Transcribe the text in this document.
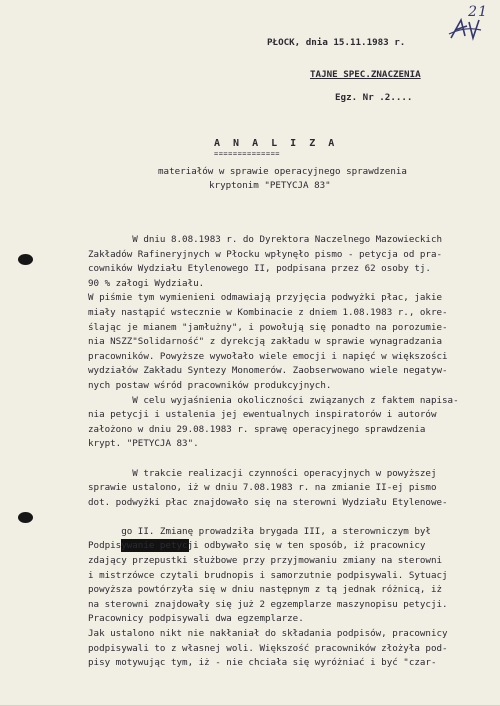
21
PŁOCK, dnia 15.11.1983 r.
TAJNE SPEC.ZNACZENIA
Egz. Nr .2....
A N A L I Z A
==============
materiałów w sprawie operacyjnego sprawdzenia
kryptonim "PETYCJA 83"
W dniu 8.08.1983 r. do Dyrektora Naczelnego Mazowieckich
Zakładów Rafineryjnych w Płocku wpłynęło pismo - petycja od pra-
cowników Wydziału Etylenowego II, podpisana przez 62 osoby tj.
90 % załogi Wydziału.
W piśmie tym wymienieni odmawiają przyjęcia podwyżki płac, jakie
miały nastąpić wstecznie w Kombinacie z dniem 1.08.1983 r., okre-
ślając je mianem "jamłużny", i powołują się ponadto na porozumie-
nia NSZZ"Solidarność" z dyrekcją zakładu w sprawie wynagradzania
pracowników. Powyższe wywołało wiele emocji i napięć w większości
wydziałów Zakładu Syntezy Monomerów. Zaobserwowano wiele negatyw-
nych postaw wśród pracowników produkcyjnych.
W celu wyjaśnienia okoliczności związanych z faktem napisa-
nia petycji i ustalenia jej ewentualnych inspiratorów i autorów
założono w dniu 29.08.1983 r. sprawę operacyjnego sprawdzenia
krypt. "PETYCJA 83".
W trakcie realizacji czynności operacyjnych w powyższej
sprawie ustalono, iż w dniu 7.08.1983 r. na zmianie II-ej pismo
dot. podwyżki płac znajdowało się na sterowni Wydziału Etylenowe-

go II. Zmianę prowadziła brygada III, a sterowniczym był

Podpisywanie petycji odbywało się w ten sposób, iż pracownicy
zdający przepustki służbowe przy przyjmowaniu zmiany na sterowni
i mistrzówce czytali brudnopis i samorzutnie podpisywali. Sytuacj
powyższa powtórzyła się w dniu następnym z tą jednak różnicą, iż
na sterowni znajdowały się już 2 egzemplarze maszynopisu petycji.
Pracownicy podpisywali dwa egzemplarze.
Jak ustalono nikt nie nakłaniał do składania podpisów, pracownicy
podpisywali to z własnej woli. Większość pracowników złożyła pod-
pisy motywując tym, iż - nie chciała się wyróżniać i być "czar-
